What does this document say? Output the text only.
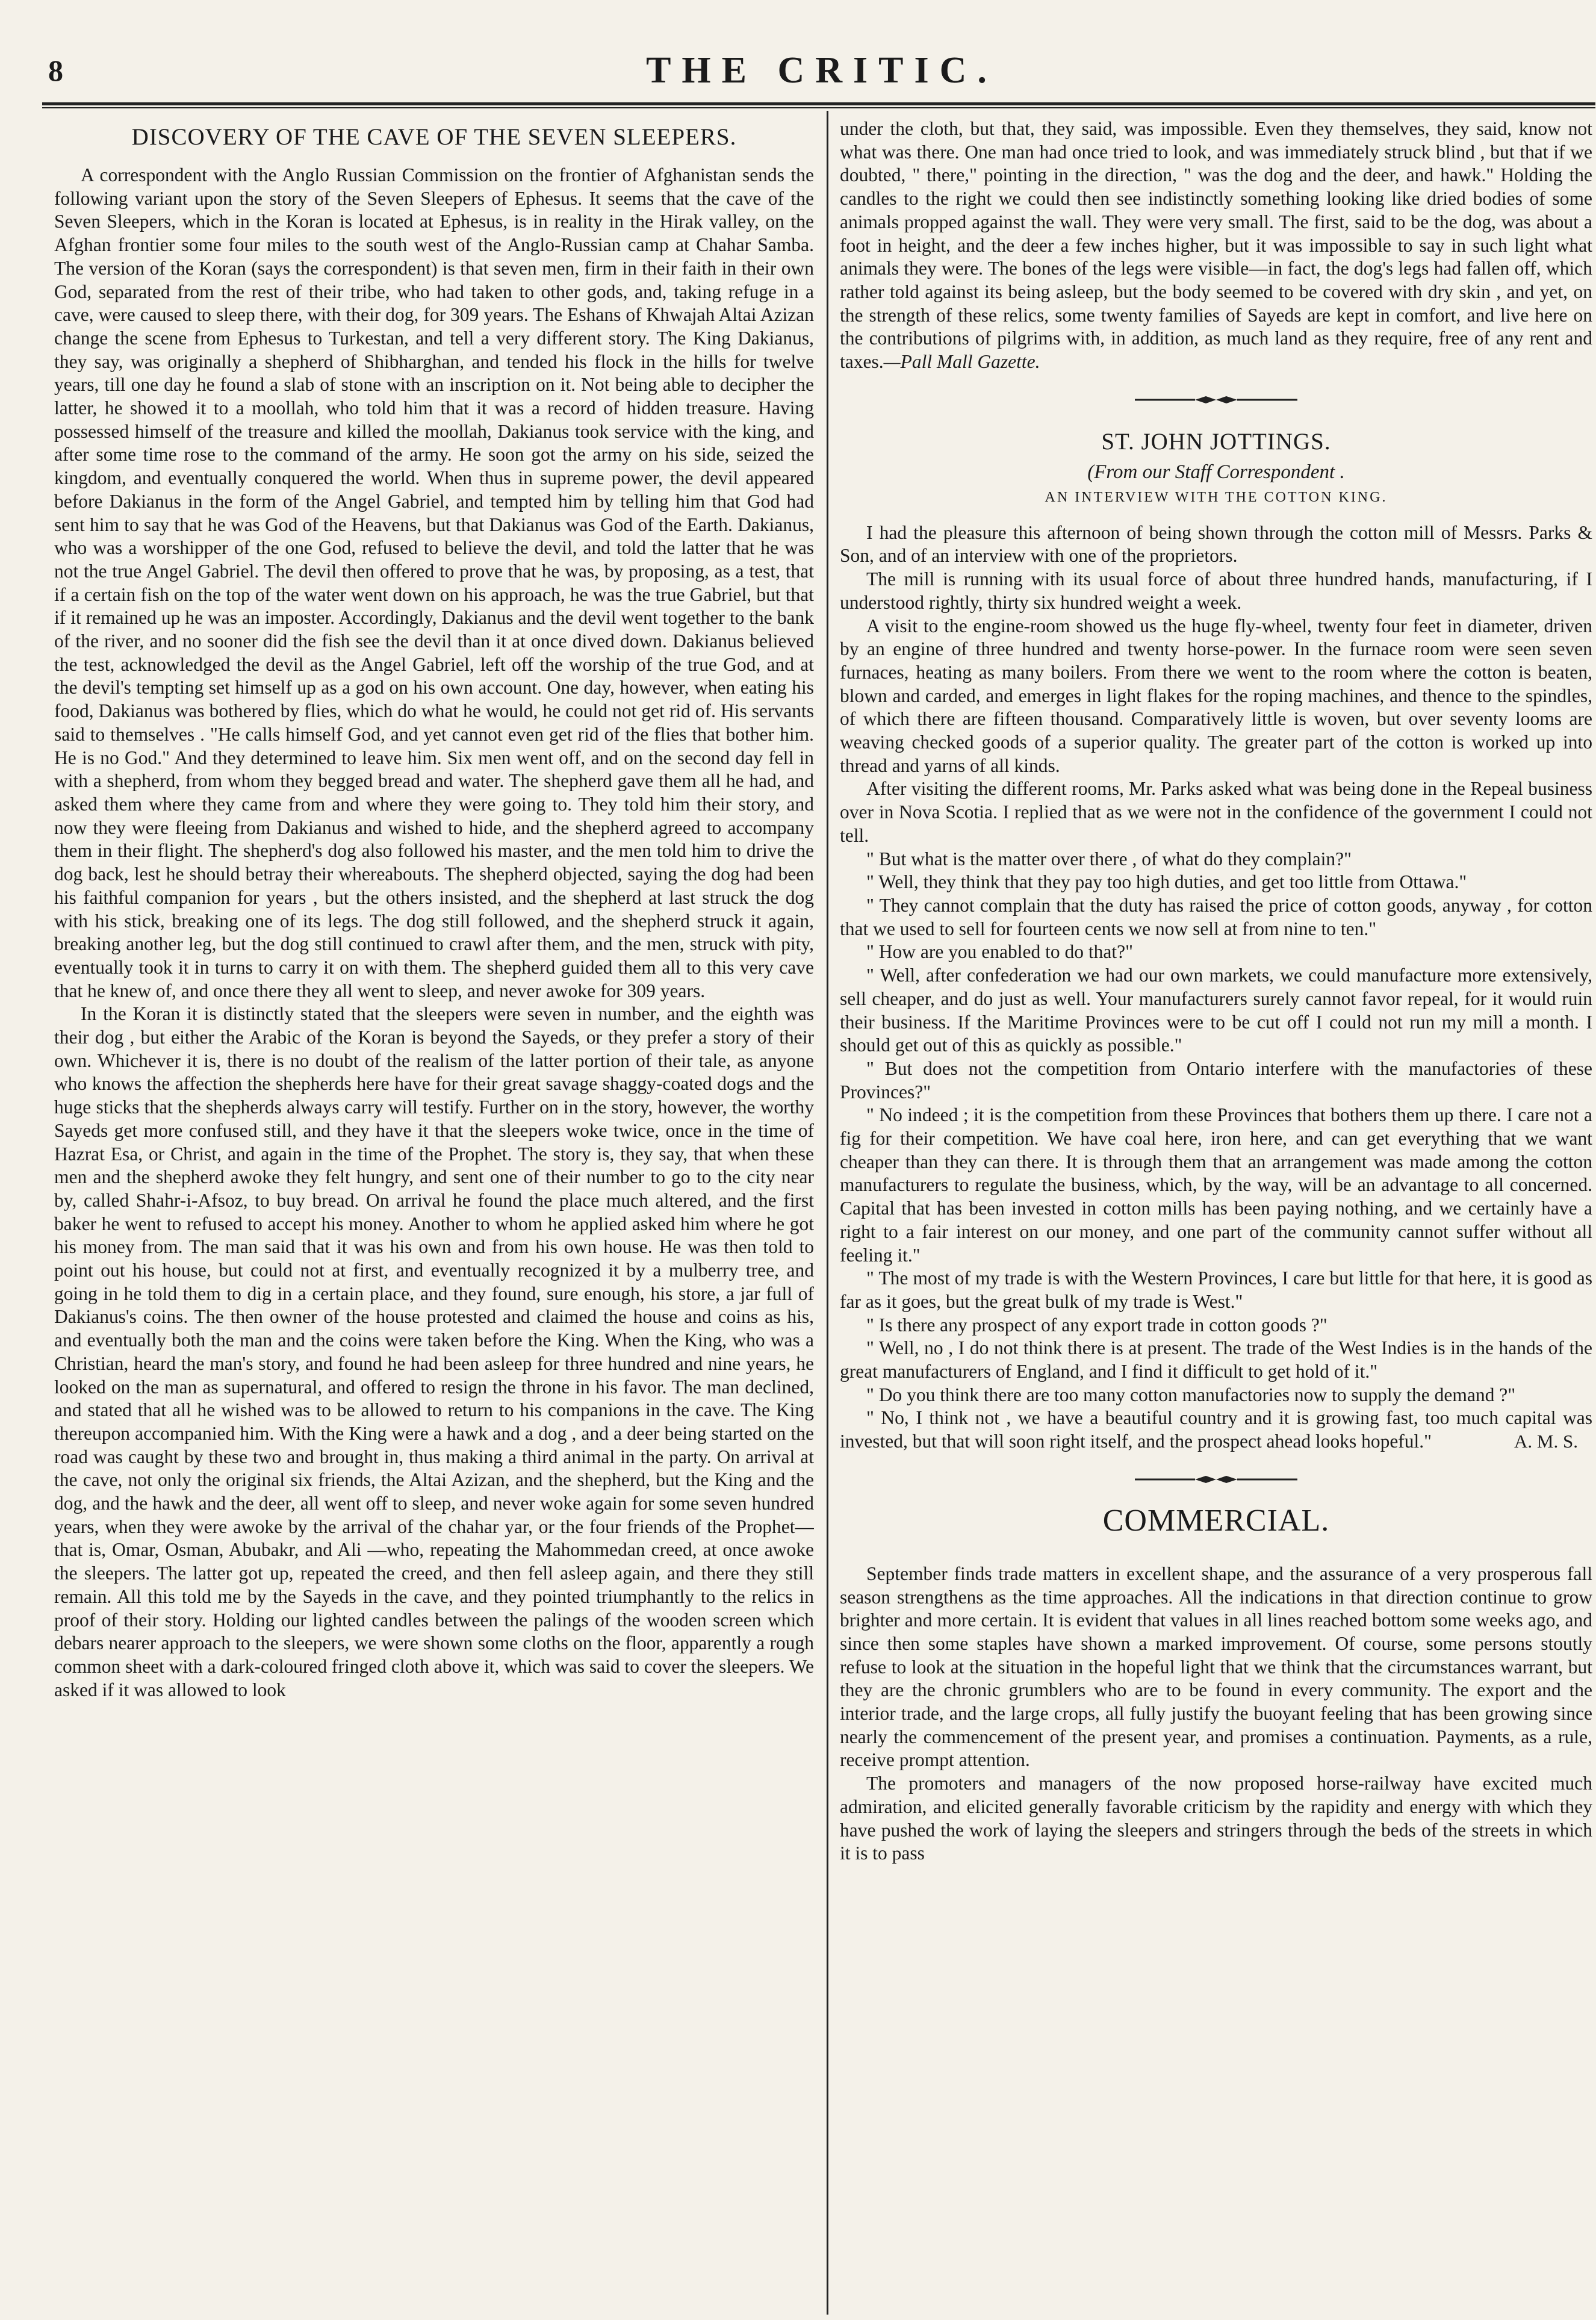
8	THE CRITIC.
DISCOVERY OF THE CAVE OF THE SEVEN SLEEPERS.

A correspondent with the Anglo Russian Commission on the frontier of Afghanistan sends the following variant upon the story of the Seven Sleepers of Ephesus. It seems that the cave of the Seven Sleepers, which in the Koran is located at Ephesus, is in reality in the Hirak valley, on the Afghan frontier some four miles to the south west of the Anglo-Russian camp at Chahar Samba. The version of the Koran (says the correspondent) is that seven men, firm in their faith in their own God, separated from the rest of their tribe, who had taken to other gods, and, taking refuge in a cave, were caused to sleep there, with their dog, for 309 years. The Eshans of Khwajah Altai Azizan change the scene from Ephesus to Turkestan, and tell a very different story. The King Dakianus, they say, was originally a shepherd of Shibharghan, and tended his flock in the hills for twelve years, till one day he found a slab of stone with an inscription on it. Not being able to decipher the latter, he showed it to a moollah, who told him that it was a record of hidden treasure. Having possessed himself of the treasure and killed the moollah, Dakianus took service with the king, and after some time rose to the command of the army. He soon got the army on his side, seized the kingdom, and eventually conquered the world. When thus in supreme power, the devil appeared before Dakianus in the form of the Angel Gabriel, and tempted him by telling him that God had sent him to say that he was God of the Heavens, but that Dakianus was God of the Earth. Dakianus, who was a worshipper of the one God, refused to believe the devil, and told the latter that he was not the true Angel Gabriel. The devil then offered to prove that he was, by proposing, as a test, that if a certain fish on the top of the water went down on his approach, he was the true Gabriel, but that if it remained up he was an imposter. Accordingly, Dakianus and the devil went together to the bank of the river, and no sooner did the fish see the devil than it at once dived down. Dakianus believed the test, acknowledged the devil as the Angel Gabriel, left off the worship of the true God, and at the devil's tempting set himself up as a god on his own account. One day, however, when eating his food, Dakianus was bothered by flies, which do what he would, he could not get rid of. His servants said to themselves . "He calls himself God, and yet cannot even get rid of the flies that bother him. He is no God." And they determined to leave him. Six men went off, and on the second day fell in with a shepherd, from whom they begged bread and water. The shepherd gave them all he had, and asked them where they came from and where they were going to. They told him their story, and now they were fleeing from Dakianus and wished to hide, and the shepherd agreed to accompany them in their flight. The shepherd's dog also followed his master, and the men told him to drive the dog back, lest he should betray their whereabouts. The shepherd objected, saying the dog had been his faithful companion for years , but the others insisted, and the shepherd at last struck the dog with his stick, breaking one of its legs. The dog still followed, and the shepherd struck it again, breaking another leg, but the dog still continued to crawl after them, and the men, struck with pity, eventually took it in turns to carry it on with them. The shepherd guided them all to this very cave that he knew of, and once there they all went to sleep, and never awoke for 309 years.

In the Koran it is distinctly stated that the sleepers were seven in number, and the eighth was their dog , but either the Arabic of the Koran is beyond the Sayeds, or they prefer a story of their own. Whichever it is, there is no doubt of the realism of the latter portion of their tale, as anyone who knows the affection the shepherds here have for their great savage shaggy-coated dogs and the huge sticks that the shepherds always carry will testify. Further on in the story, however, the worthy Sayeds get more confused still, and they have it that the sleepers woke twice, once in the time of Hazrat Esa, or Christ, and again in the time of the Prophet. The story is, they say, that when these men and the shepherd awoke they felt hungry, and sent one of their number to go to the city near by, called Shahr-i-Afsoz, to buy bread. On arrival he found the place much altered, and the first baker he went to refused to accept his money. Another to whom he applied asked him where he got his money from. The man said that it was his own and from his own house. He was then told to point out his house, but could not at first, and eventually recognized it by a mulberry tree, and going in he told them to dig in a certain place, and they found, sure enough, his store, a jar full of Dakianus's coins. The then owner of the house protested and claimed the house and coins as his, and eventually both the man and the coins were taken before the King. When the King, who was a Christian, heard the man's story, and found he had been asleep for three hundred and nine years, he looked on the man as supernatural, and offered to resign the throne in his favor. The man declined, and stated that all he wished was to be allowed to return to his companions in the cave. The King thereupon accompanied him. With the King were a hawk and a dog , and a deer being started on the road was caught by these two and brought in, thus making a third animal in the party. On arrival at the cave, not only the original six friends, the Altai Azizan, and the shepherd, but the King and the dog, and the hawk and the deer, all went off to sleep, and never woke again for some seven hundred years, when they were awoke by the arrival of the chahar yar, or the four friends of the Prophet—that is, Omar, Osman, Abubakr, and Ali —who, repeating the Mahommedan creed, at once awoke the sleepers. The latter got up, repeated the creed, and then fell asleep again, and there they still remain. All this told me by the Sayeds in the cave, and they pointed triumphantly to the relics in proof of their story. Holding our lighted candles between the palings of the wooden screen which debars nearer approach to the sleepers, we were shown some cloths on the floor, apparently a rough common sheet with a dark-coloured fringed cloth above it, which was said to cover the sleepers. We asked if it was allowed to look

under the cloth, but that, they said, was impossible. Even they themselves, they said, know not what was there. One man had once tried to look, and was immediately struck blind , but that if we doubted, " there," pointing in the direction, " was the dog and the deer, and hawk." Holding the candles to the right we could then see indistinctly something looking like dried bodies of some animals propped against the wall. They were very small. The first, said to be the dog, was about a foot in height, and the deer a few inches higher, but it was impossible to say in such light what animals they were. The bones of the legs were visible—in fact, the dog's legs had fallen off, which rather told against its being asleep, but the body seemed to be covered with dry skin , and yet, on the strength of these relics, some twenty families of Sayeds are kept in comfort, and live here on the contributions of pilgrims with, in addition, as much land as they require, free of any rent and taxes.—Pall Mall Gazette.

ST. JOHN JOTTINGS.
(From our Staff Correspondent .
AN INTERVIEW WITH THE COTTON KING.

I had the pleasure this afternoon of being shown through the cotton mill of Messrs. Parks & Son, and of an interview with one of the proprietors.

The mill is running with its usual force of about three hundred hands, manufacturing, if I understood rightly, thirty six hundred weight a week.

A visit to the engine-room showed us the huge fly-wheel, twenty four feet in diameter, driven by an engine of three hundred and twenty horse-power. In the furnace room were seen seven furnaces, heating as many boilers. From there we went to the room where the cotton is beaten, blown and carded, and emerges in light flakes for the roping machines, and thence to the spindles, of which there are fifteen thousand. Comparatively little is woven, but over seventy looms are weaving checked goods of a superior quality. The greater part of the cotton is worked up into thread and yarns of all kinds.

After visiting the different rooms, Mr. Parks asked what was being done in the Repeal business over in Nova Scotia. I replied that as we were not in the confidence of the government I could not tell.

" But what is the matter over there , of what do they complain?"

" Well, they think that they pay too high duties, and get too little from Ottawa."

" They cannot complain that the duty has raised the price of cotton goods, anyway , for cotton that we used to sell for fourteen cents we now sell at from nine to ten."

" How are you enabled to do that?"

" Well, after confederation we had our own markets, we could manufacture more extensively, sell cheaper, and do just as well. Your manufacturers surely cannot favor repeal, for it would ruin their business. If the Maritime Provinces were to be cut off I could not run my mill a month. I should get out of this as quickly as possible."

" But does not the competition from Ontario interfere with the manufactories of these Provinces?"

" No indeed ; it is the competition from these Provinces that bothers them up there. I care not a fig for their competition. We have coal here, iron here, and can get everything that we want cheaper than they can there. It is through them that an arrangement was made among the cotton manufacturers to regulate the business, which, by the way, will be an advantage to all concerned. Capital that has been invested in cotton mills has been paying nothing, and we certainly have a right to a fair interest on our money, and one part of the community cannot suffer without all feeling it."

" The most of my trade is with the Western Provinces, I care but little for that here, it is good as far as it goes, but the great bulk of my trade is West."

" Is there any prospect of any export trade in cotton goods ?"

" Well, no , I do not think there is at present. The trade of the West Indies is in the hands of the great manufacturers of England, and I find it difficult to get hold of it."

" Do you think there are too many cotton manufactories now to supply the demand ?"

" No, I think not , we have a beautiful country and it is growing fast, too much capital was invested, but that will soon right itself, and the prospect ahead looks hopeful."	A. M. S.

COMMERCIAL.

September finds trade matters in excellent shape, and the assurance of a very prosperous fall season strengthens as the time approaches. All the indications in that direction continue to grow brighter and more certain. It is evident that values in all lines reached bottom some weeks ago, and since then some staples have shown a marked improvement. Of course, some persons stoutly refuse to look at the situation in the hopeful light that we think that the circumstances warrant, but they are the chronic grumblers who are to be found in every community. The export and the interior trade, and the large crops, all fully justify the buoyant feeling that has been growing since nearly the commencement of the present year, and promises a continuation. Payments, as a rule, receive prompt attention.

The promoters and managers of the now proposed horse-railway have excited much admiration, and elicited generally favorable criticism by the rapidity and energy with which they have pushed the work of laying the sleepers and stringers through the beds of the streets in which it is to pass
